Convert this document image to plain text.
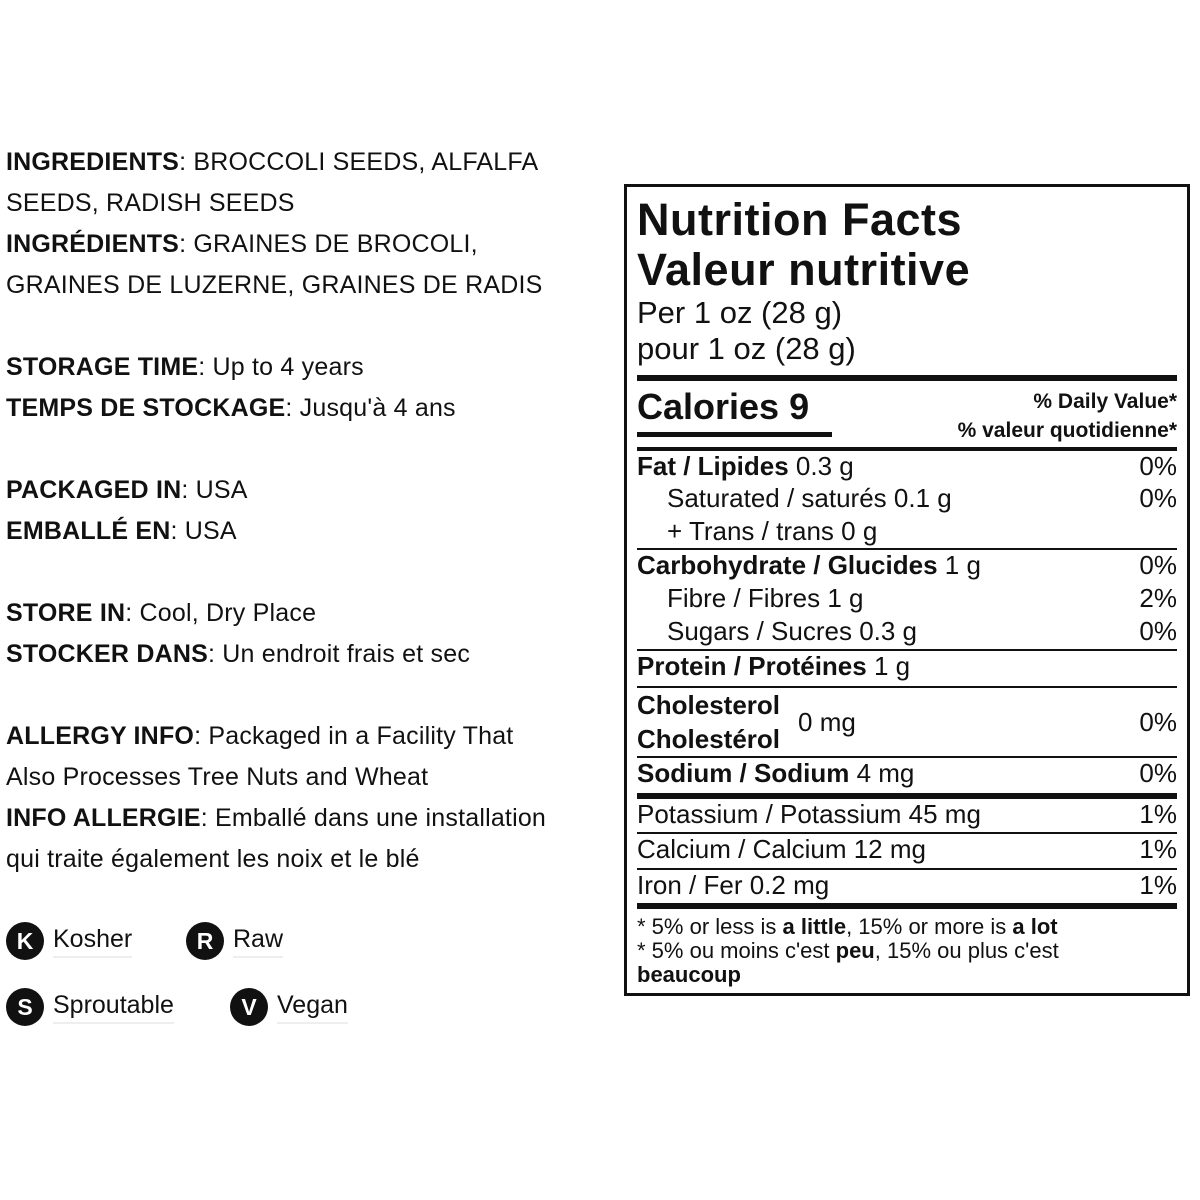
INGREDIENTS: BROCCOLI SEEDS, ALFALFA

SEEDS, RADISH SEEDS

INGRÉDIENTS: GRAINES DE BROCOLI,

GRAINES DE LUZERNE, GRAINES DE RADIS

STORAGE TIME: Up to 4 years

TEMPS DE STOCKAGE: Jusqu'à 4 ans

PACKAGED IN: USA

EMBALLÉ EN: USA

STORE IN: Cool, Dry Place

STOCKER DANS: Un endroit frais et sec

ALLERGY INFO: Packaged in a Facility That

Also Processes Tree Nuts and Wheat

INFO ALLERGIE: Emballé dans une installation

qui traite également les noix et le blé

K Kosher	R Raw
S Sproutable	V Vegan
Nutrition Facts
Valeur nutritive
Per 1 oz (28 g)
pour 1 oz (28 g)
Calories 9	% Daily Value*
% valeur quotidienne*
Fat / Lipides 0.3 g	0%
Saturated / saturés 0.1 g	0%
+ Trans / trans 0 g
Carbohydrate / Glucides 1 g	0%
Fibre / Fibres 1 g	2%
Sugars / Sucres 0.3 g	0%
Protein / Protéines 1 g
Cholesterol
Cholestérol
0 mg	0%
Sodium / Sodium 4 mg	0%
Potassium / Potassium 45 mg	1%
Calcium / Calcium 12 mg	1%
Iron / Fer 0.2 mg	1%
* 5% or less is a little, 15% or more is a lot
* 5% ou moins c'est peu, 15% ou plus c'est
beaucoup
